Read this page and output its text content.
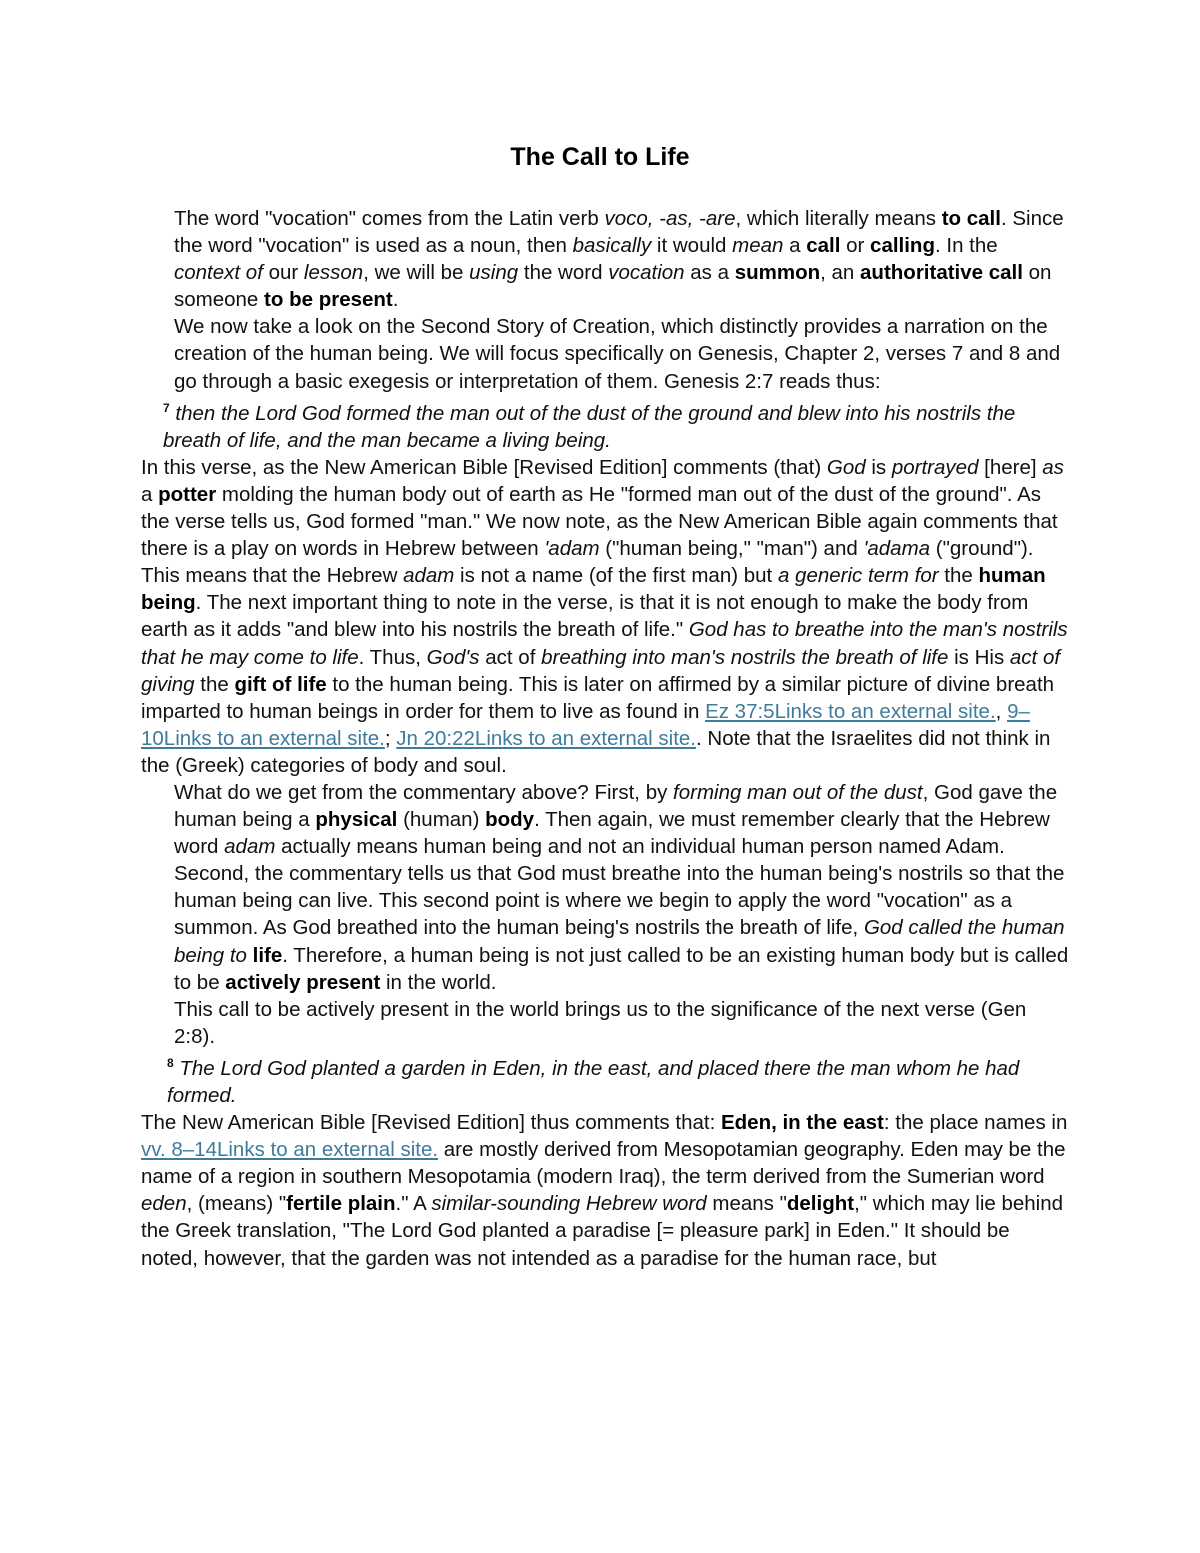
The Call to Life

The word "vocation" comes from the Latin verb voco, -as, -are, which literally means to call. Since the word "vocation" is used as a noun, then basically it would mean a call or calling. In the context of our lesson, we will be using the word vocation as a summon, an authoritative call on someone to be present.

We now take a look on the Second Story of Creation, which distinctly provides a narration on the creation of the human being. We will focus specifically on Genesis, Chapter 2, verses 7 and 8 and go through a basic exegesis or interpretation of them. Genesis 2:7 reads thus:

$^7$ then the Lord God formed the man out of the dust of the ground and blew into his nostrils the breath of life, and the man became a living being.

In this verse, as the New American Bible [Revised Edition] comments (that) God is portrayed [here] as a potter molding the human body out of earth as He "formed man out of the dust of the ground". As the verse tells us, God formed "man." We now note, as the New American Bible again comments that there is a play on words in Hebrew between 'adam ("human being," "man") and 'adama ("ground"). This means that the Hebrew adam is not a name (of the first man) but a generic term for the human being. The next important thing to note in the verse, is that it is not enough to make the body from earth as it adds "and blew into his nostrils the breath of life." God has to breathe into the man's nostrils that he may come to life. Thus, God's act of breathing into man's nostrils the breath of life is His act of giving the gift of life to the human being. This is later on affirmed by a similar picture of divine breath imparted to human beings in order for them to live as found in Ez 37:5Links to an external site., 9–10Links to an external site.; Jn 20:22Links to an external site.. Note that the Israelites did not think in the (Greek) categories of body and soul.

What do we get from the commentary above? First, by forming man out of the dust, God gave the human being a physical (human) body. Then again, we must remember clearly that the Hebrew word adam actually means human being and not an individual human person named Adam. Second, the commentary tells us that God must breathe into the human being's nostrils so that the human being can live. This second point is where we begin to apply the word "vocation" as a summon. As God breathed into the human being's nostrils the breath of life, God called the human being to life. Therefore, a human being is not just called to be an existing human body but is called to be actively present in the world.

This call to be actively present in the world brings us to the significance of the next verse (Gen 2:8).

$^8$ The Lord God planted a garden in Eden, in the east, and placed there the man whom he had formed.

The New American Bible [Revised Edition] thus comments that: Eden, in the east: the place names in vv. 8–14Links to an external site. are mostly derived from Mesopotamian geography. Eden may be the name of a region in southern Mesopotamia (modern Iraq), the term derived from the Sumerian word eden, (means) "fertile plain." A similar-sounding Hebrew word means "delight," which may lie behind the Greek translation, "The Lord God planted a paradise [= pleasure park] in Eden." It should be noted, however, that the garden was not intended as a paradise for the human race, but
